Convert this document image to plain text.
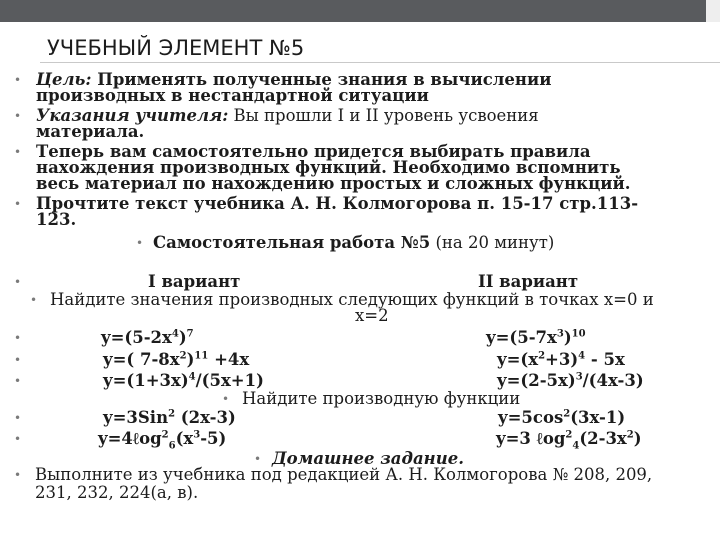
УЧЕБНЫЙ ЭЛЕМЕНТ №5
• Цель: Применять полученные знания в вычислении
производных в нестандартной ситуации
• Указания учителя: Вы прошли I и II уровень усвоения
материала.
• Теперь вам самостоятельно придется выбирать правила
нахождения производных функций. Необходимо вспомнить
весь материал по нахождению простых и сложных функций.
• Прочтите текст учебника А. Н. Колмогорова п. 15-17 стр.113-
123.
• Самостоятельная работа №5 (на 20 минут)
•	I вариант	II вариант
• Найдите значения производных следующих функций в точках x=0 и
x=2
•	$y=(5-2x^4)^7$	$y=(5-7x^3)^{10}$
•	y=( $7-8x^2)^{11} +4x$	$y=(x^2+3)^4 - 5x$
•	$y=(1+3x)^4/(5x+1)$	$y=(2-5x)^3/(4x-3)$
• Найдите производную функции
•	y=3Sin$^2$ (2x-3)	$y=5\cos^2(3x-1)$
•	$y=4\ell og^2_6(x^3-5)$	y=3 $\ell og^2_4(2-3x^2)$
• Домашнее задание.
• Выполните из учебника под редакцией А. Н. Колмогорова № 208, 209,
231, 232, 224(а, в).
